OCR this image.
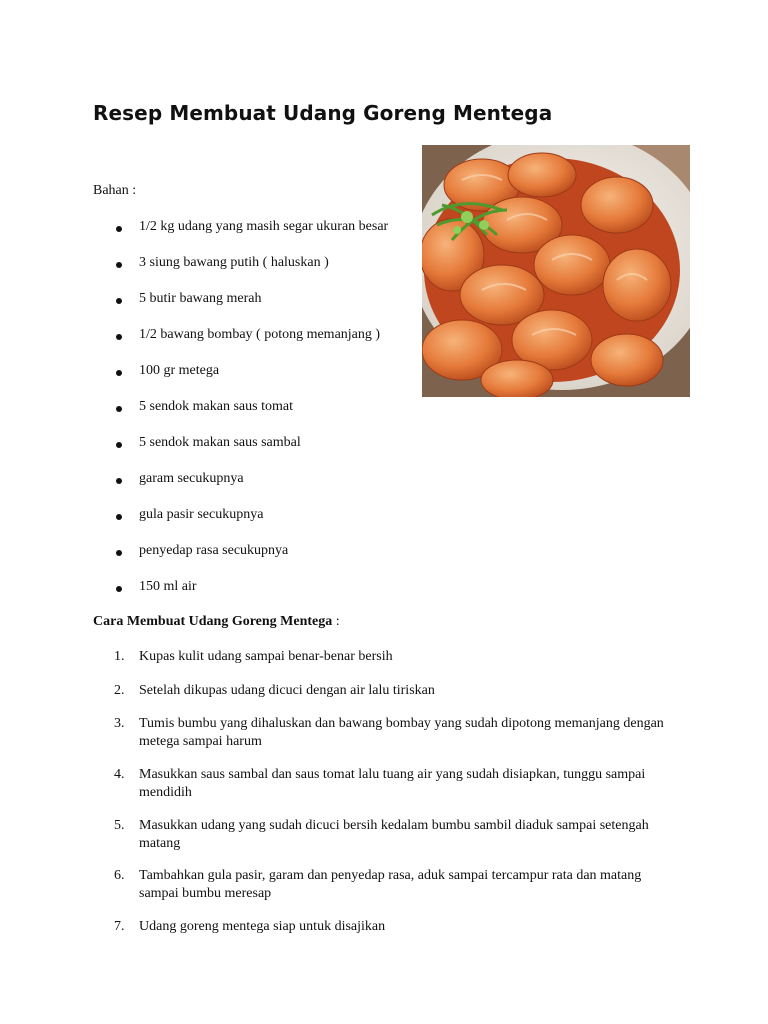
Resep Membuat Udang Goreng Mentega
Bahan :
1/2 kg udang yang masih segar ukuran besar
3 siung bawang putih ( haluskan )
5 butir bawang merah
1/2 bawang bombay ( potong memanjang )
100 gr metega
5 sendok makan saus tomat
5 sendok makan saus sambal
garam secukupnya
gula pasir secukupnya
penyedap rasa secukupnya
150 ml air
Cara Membuat Udang Goreng Mentega :
1. Kupas kulit udang sampai benar-benar bersih
2. Setelah dikupas udang dicuci dengan air lalu tiriskan
3. Tumis bumbu yang dihaluskan dan bawang bombay yang sudah dipotong memanjang dengan metega sampai harum
4. Masukkan saus sambal dan saus tomat lalu tuang air yang sudah disiapkan, tunggu sampai mendidih
5. Masukkan udang yang sudah dicuci bersih kedalam bumbu sambil diaduk sampai setengah matang
6. Tambahkan gula pasir, garam dan penyedap rasa, aduk sampai tercampur rata dan matang sampai bumbu meresap
7. Udang goreng mentega siap untuk disajikan
